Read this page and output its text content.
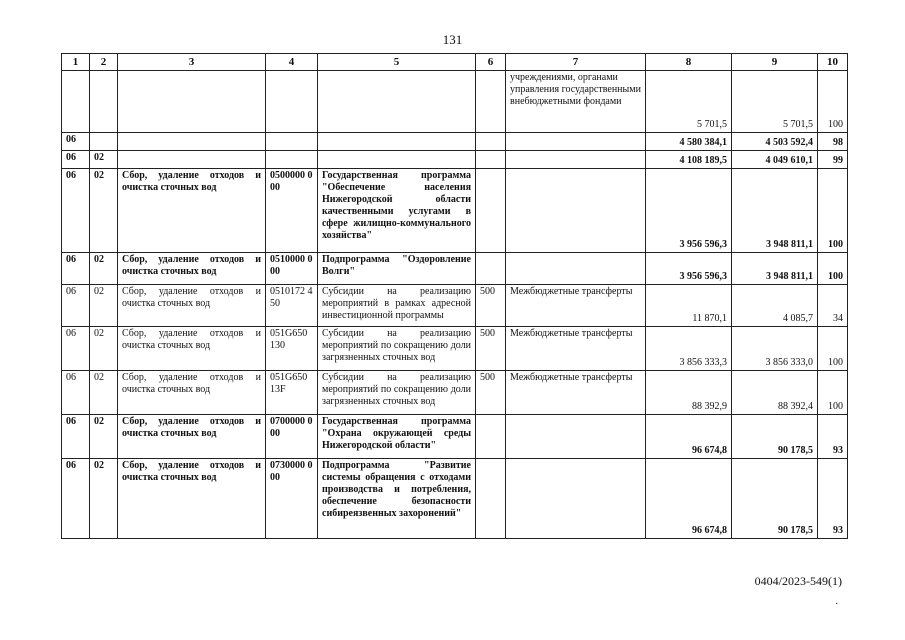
131
1	2	3	4	5	6	7	8	9	10
						учреждениями, органами управления государственными внебюджетными фондами	5 701,5	5 701,5	100
06							4 580 384,1	4 503 592,4	98
06	02						4 108 189,5	4 049 610,1	99
06	02	Сбор, удаление отходов и очистка сточных вод	0500000 000	Государственная программа "Обеспечение населения Нижегородской области качественными услугами в сфере жилищно-коммунального хозяйства"			3 956 596,3	3 948 811,1	100
06	02	Сбор, удаление отходов и очистка сточных вод	0510000 000	Подпрограмма "Оздоровление Волги"			3 956 596,3	3 948 811,1	100
06	02	Сбор, удаление отходов и очистка сточных вод	0510172 450	Субсидии на реализацию мероприятий в рамках адресной инвестиционной программы	500	Межбюджетные трансферты	11 870,1	4 085,7	34
06	02	Сбор, удаление отходов и очистка сточных вод	051G650 130	Субсидии на реализацию мероприятий по сокращению доли загрязненных сточных вод	500	Межбюджетные трансферты	3 856 333,3	3 856 333,0	100
06	02	Сбор, удаление отходов и очистка сточных вод	051G650 13F	Субсидии на реализацию мероприятий по сокращению доли загрязненных сточных вод	500	Межбюджетные трансферты	88 392,9	88 392,4	100
06	02	Сбор, удаление отходов и очистка сточных вод	0700000 000	Государственная программа "Охрана окружающей среды Нижегородской области"			96 674,8	90 178,5	93
06	02	Сбор, удаление отходов и очистка сточных вод	0730000 000	Подпрограмма "Развитие системы обращения с отходами производства и потребления, обеспечение безопасности сибиреязвенных захоронений"			96 674,8	90 178,5	93
0404/2023-549(1)
.
